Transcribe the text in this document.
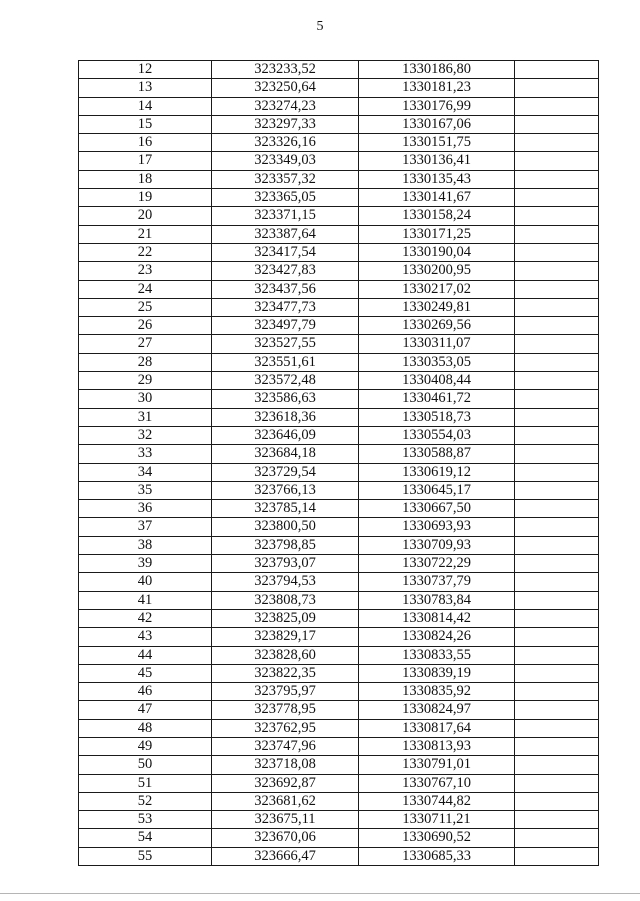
5
12	323233,52	1330186,80	
13	323250,64	1330181,23	
14	323274,23	1330176,99	
15	323297,33	1330167,06	
16	323326,16	1330151,75	
17	323349,03	1330136,41	
18	323357,32	1330135,43	
19	323365,05	1330141,67	
20	323371,15	1330158,24	
21	323387,64	1330171,25	
22	323417,54	1330190,04	
23	323427,83	1330200,95	
24	323437,56	1330217,02	
25	323477,73	1330249,81	
26	323497,79	1330269,56	
27	323527,55	1330311,07	
28	323551,61	1330353,05	
29	323572,48	1330408,44	
30	323586,63	1330461,72	
31	323618,36	1330518,73	
32	323646,09	1330554,03	
33	323684,18	1330588,87	
34	323729,54	1330619,12	
35	323766,13	1330645,17	
36	323785,14	1330667,50	
37	323800,50	1330693,93	
38	323798,85	1330709,93	
39	323793,07	1330722,29	
40	323794,53	1330737,79	
41	323808,73	1330783,84	
42	323825,09	1330814,42	
43	323829,17	1330824,26	
44	323828,60	1330833,55	
45	323822,35	1330839,19	
46	323795,97	1330835,92	
47	323778,95	1330824,97	
48	323762,95	1330817,64	
49	323747,96	1330813,93	
50	323718,08	1330791,01	
51	323692,87	1330767,10	
52	323681,62	1330744,82	
53	323675,11	1330711,21	
54	323670,06	1330690,52	
55	323666,47	1330685,33	
